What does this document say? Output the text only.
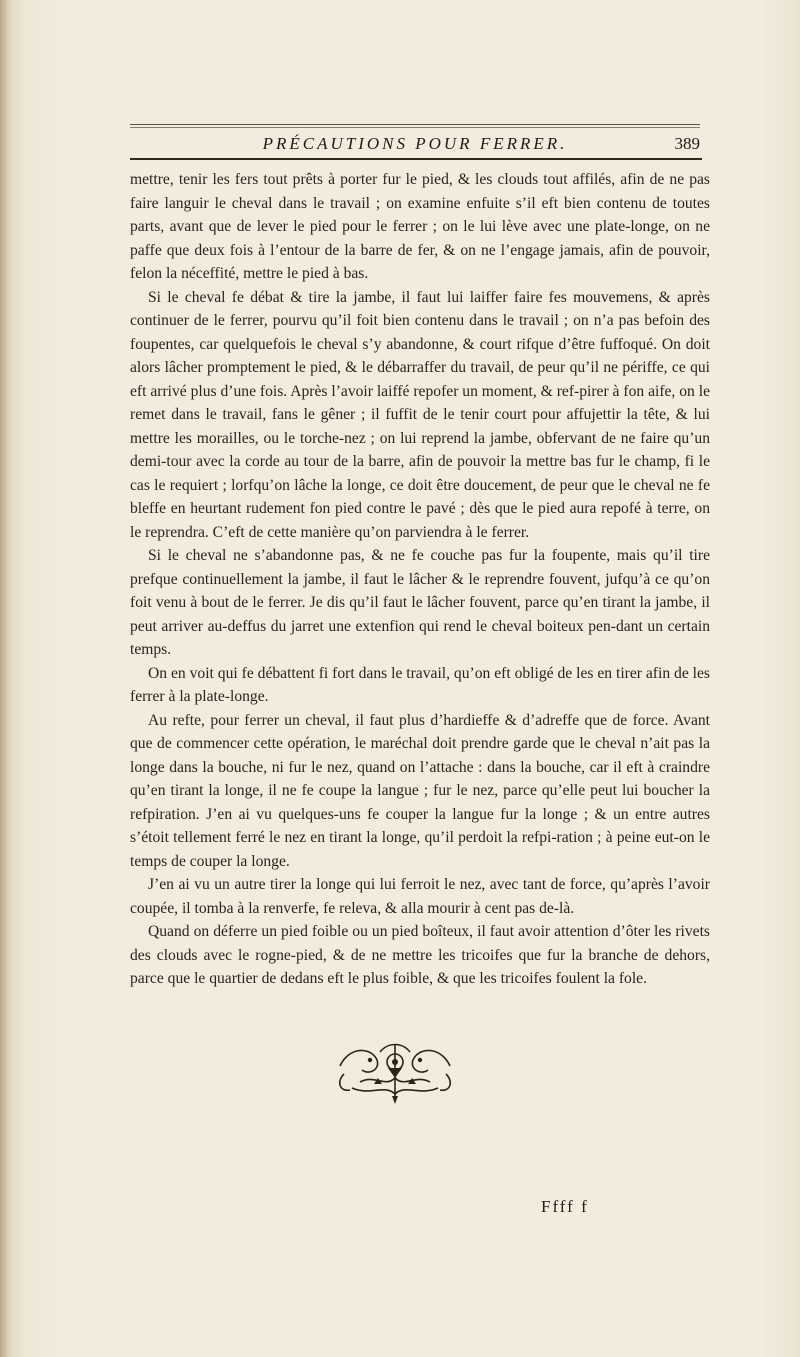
PRÉCAUTIONS POUR FERRER.	389

mettre, tenir les fers tout prêts à porter fur le pied, & les clouds tout affilés, afin de ne pas faire languir le cheval dans le travail ; on examine enfuite s’il eft bien contenu de toutes parts, avant que de lever le pied pour le ferrer ; on le lui lève avec une plate-longe, on ne paffe que deux fois à l’entour de la barre de fer, & on ne l’engage jamais, afin de pouvoir, felon la néceffité, mettre le pied à bas.

Si le cheval fe débat & tire la jambe, il faut lui laiffer faire fes mouvemens, & après continuer de le ferrer, pourvu qu’il foit bien contenu dans le travail ; on n’a pas befoin des foupentes, car quelquefois le cheval s’y abandonne, & court rifque d’être fuffoqué. On doit alors lâcher promptement le pied, & le débarraffer du travail, de peur qu’il ne périffe, ce qui eft arrivé plus d’une fois. Après l’avoir laiffé repofer un moment, & ref-pirer à fon aife, on le remet dans le travail, fans le gêner ; il fuffit de le tenir court pour affujettir la tête, & lui mettre les morailles, ou le torche-nez ; on lui reprend la jambe, obfervant de ne faire qu’un demi-tour avec la corde au tour de la barre, afin de pouvoir la mettre bas fur le champ, fi le cas le requiert ; lorfqu’on lâche la longe, ce doit être doucement, de peur que le cheval ne fe bleffe en heurtant rudement fon pied contre le pavé ; dès que le pied aura repofé à terre, on le reprendra. C’eft de cette manière qu’on parviendra à le ferrer.

Si le cheval ne s’abandonne pas, & ne fe couche pas fur la foupente, mais qu’il tire prefque continuellement la jambe, il faut le lâcher & le reprendre fouvent, jufqu’à ce qu’on foit venu à bout de le ferrer. Je dis qu’il faut le lâcher fouvent, parce qu’en tirant la jambe, il peut arriver au-deffus du jarret une extenfion qui rend le cheval boiteux pen-dant un certain temps.

On en voit qui fe débattent fi fort dans le travail, qu’on eft obligé de les en tirer afin de les ferrer à la plate-longe.

Au refte, pour ferrer un cheval, il faut plus d’hardieffe & d’adreffe que de force. Avant que de commencer cette opération, le maréchal doit prendre garde que le cheval n’ait pas la longe dans la bouche, ni fur le nez, quand on l’attache : dans la bouche, car il eft à craindre qu’en tirant la longe, il ne fe coupe la langue ; fur le nez, parce qu’elle peut lui boucher la refpiration. J’en ai vu quelques-uns fe couper la langue fur la longe ; & un entre autres s’étoit tellement ferré le nez en tirant la longe, qu’il perdoit la refpi-ration ; à peine eut-on le temps de couper la longe.

J’en ai vu un autre tirer la longe qui lui ferroit le nez, avec tant de force, qu’après l’avoir coupée, il tomba à la renverfe, fe releva, & alla mourir à cent pas de-là.

Quand on déferre un pied foible ou un pied boîteux, il faut avoir attention d’ôter les rivets des clouds avec le rogne-pied, & de ne mettre les tricoifes que fur la branche de dehors, parce que le quartier de dedans eft le plus foible, & que les tricoifes foulent la fole.

Ffff f
